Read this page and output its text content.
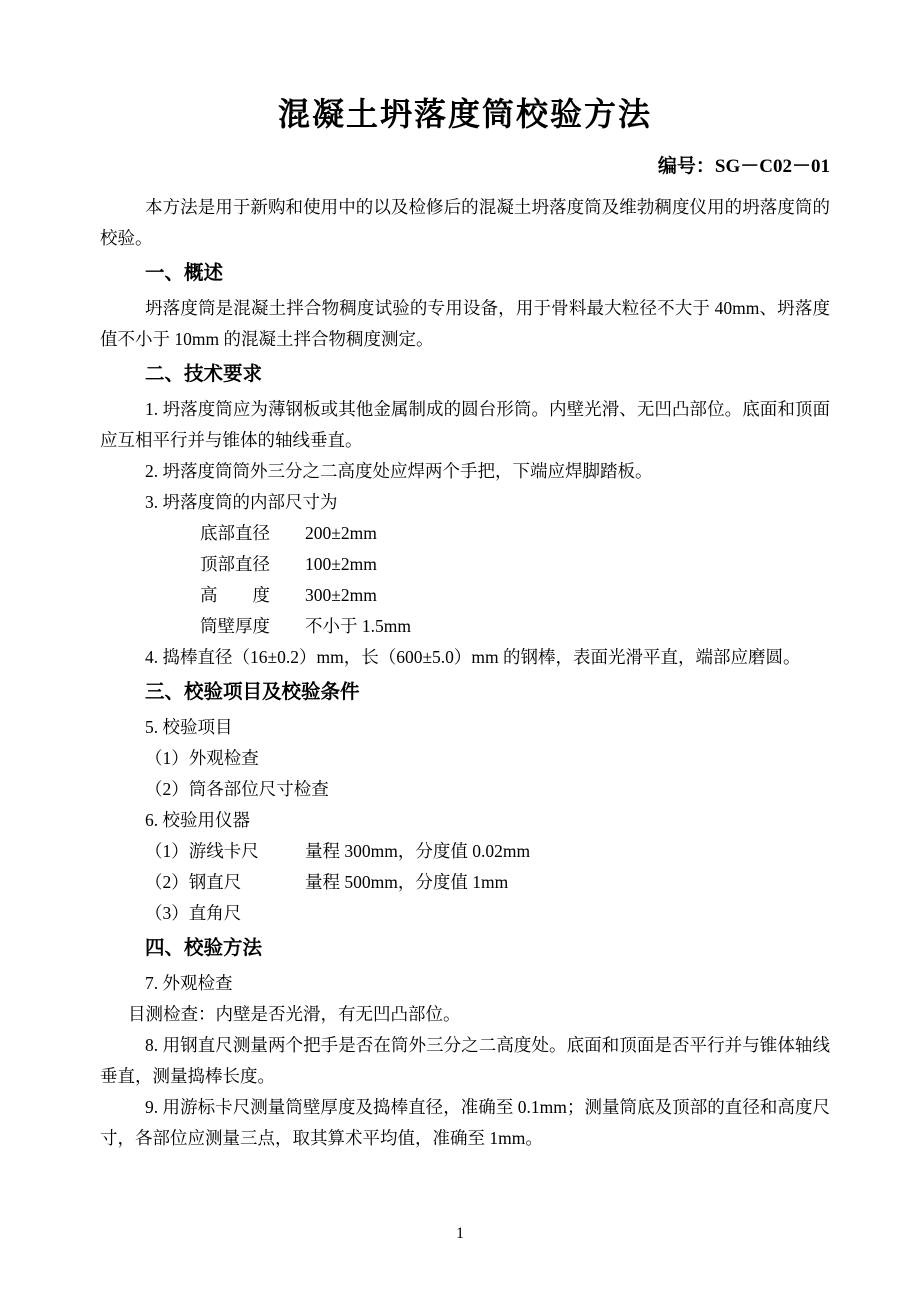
混凝土坍落度筒校验方法

编号：SG－C02－01

本方法是用于新购和使用中的以及检修后的混凝土坍落度筒及维勃稠度仪用的坍落度筒的校验。

一、概述

坍落度筒是混凝土拌合物稠度试验的专用设备，用于骨料最大粒径不大于 40mm、坍落度值不小于 10mm 的混凝土拌合物稠度测定。

二、技术要求

1. 坍落度筒应为薄钢板或其他金属制成的圆台形筒。内壁光滑、无凹凸部位。底面和顶面应互相平行并与锥体的轴线垂直。

2. 坍落度筒筒外三分之二高度处应焊两个手把，下端应焊脚踏板。

3. 坍落度筒的内部尺寸为

底部直径 200±2mm

顶部直径 100±2mm

高　　度 300±2mm

筒壁厚度 不小于 1.5mm

4. 捣棒直径（16±0.2）mm，长（600±5.0）mm 的钢棒，表面光滑平直，端部应磨圆。

三、校验项目及校验条件

5. 校验项目

（1）外观检查

（2）筒各部位尺寸检查

6. 校验用仪器

（1）游线卡尺	量程 300mm，分度值 0.02mm

（2）钢直尺	量程 500mm，分度值 1mm

（3）直角尺

四、校验方法

7. 外观检查

目测检查：内壁是否光滑，有无凹凸部位。

8. 用钢直尺测量两个把手是否在筒外三分之二高度处。底面和顶面是否平行并与锥体轴线垂直，测量捣棒长度。

9. 用游标卡尺测量筒壁厚度及捣棒直径，准确至 0.1mm；测量筒底及顶部的直径和高度尺寸，各部位应测量三点，取其算术平均值，准确至 1mm。

1
